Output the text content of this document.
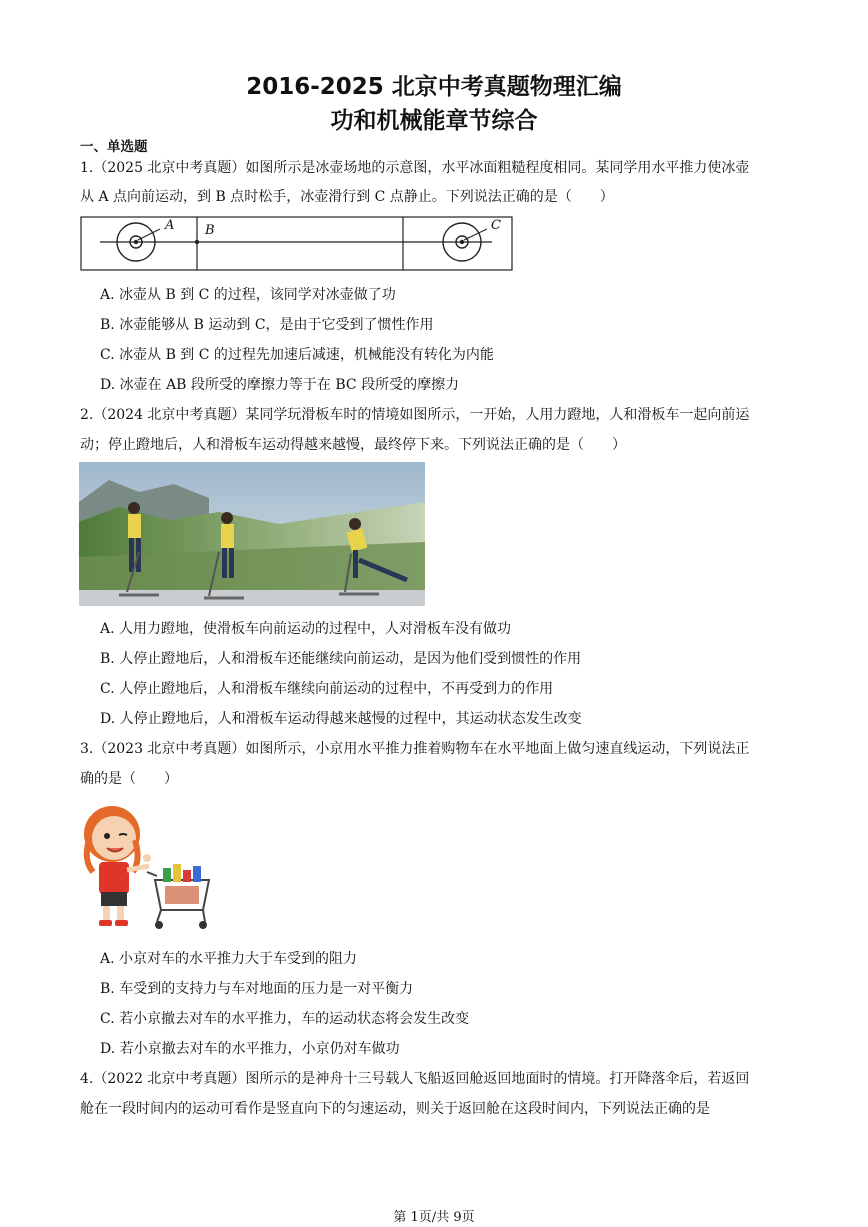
2016-2025 北京中考真题物理汇编
功和机械能章节综合
一、单选题
1.（2025 北京中考真题）如图所示是冰壶场地的示意图，水平冰面粗糙程度相同。某同学用水平推力使冰壶
从 A 点向前运动，到 B 点时松手，冰壶滑行到 C 点静止。下列说法正确的是（　　）
A B	C
A. 冰壶从 B 到 C 的过程，该同学对冰壶做了功
B. 冰壶能够从 B 运动到 C，是由于它受到了惯性作用
C. 冰壶从 B 到 C 的过程先加速后减速，机械能没有转化为内能
D. 冰壶在 AB 段所受的摩擦力等于在 BC 段所受的摩擦力
2.（2024 北京中考真题）某同学玩滑板车时的情境如图所示，一开始，人用力蹬地，人和滑板车一起向前运
动；停止蹬地后，人和滑板车运动得越来越慢，最终停下来。下列说法正确的是（　　）
A. 人用力蹬地，使滑板车向前运动的过程中，人对滑板车没有做功
B. 人停止蹬地后，人和滑板车还能继续向前运动，是因为他们受到惯性的作用
C. 人停止蹬地后，人和滑板车继续向前运动的过程中，不再受到力的作用
D. 人停止蹬地后，人和滑板车运动得越来越慢的过程中，其运动状态发生改变
3.（2023 北京中考真题）如图所示，小京用水平推力推着购物车在水平地面上做匀速直线运动，下列说法正
确的是（　　）
A. 小京对车的水平推力大于车受到的阻力
B. 车受到的支持力与车对地面的压力是一对平衡力
C. 若小京撤去对车的水平推力，车的运动状态将会发生改变
D. 若小京撤去对车的水平推力，小京仍对车做功
4.（2022 北京中考真题）图所示的是神舟十三号载人飞船返回舱返回地面时的情境。打开降落伞后，若返回
舱在一段时间内的运动可看作是竖直向下的匀速运动，则关于返回舱在这段时间内，下列说法正确的是
第 1页/共 9页
